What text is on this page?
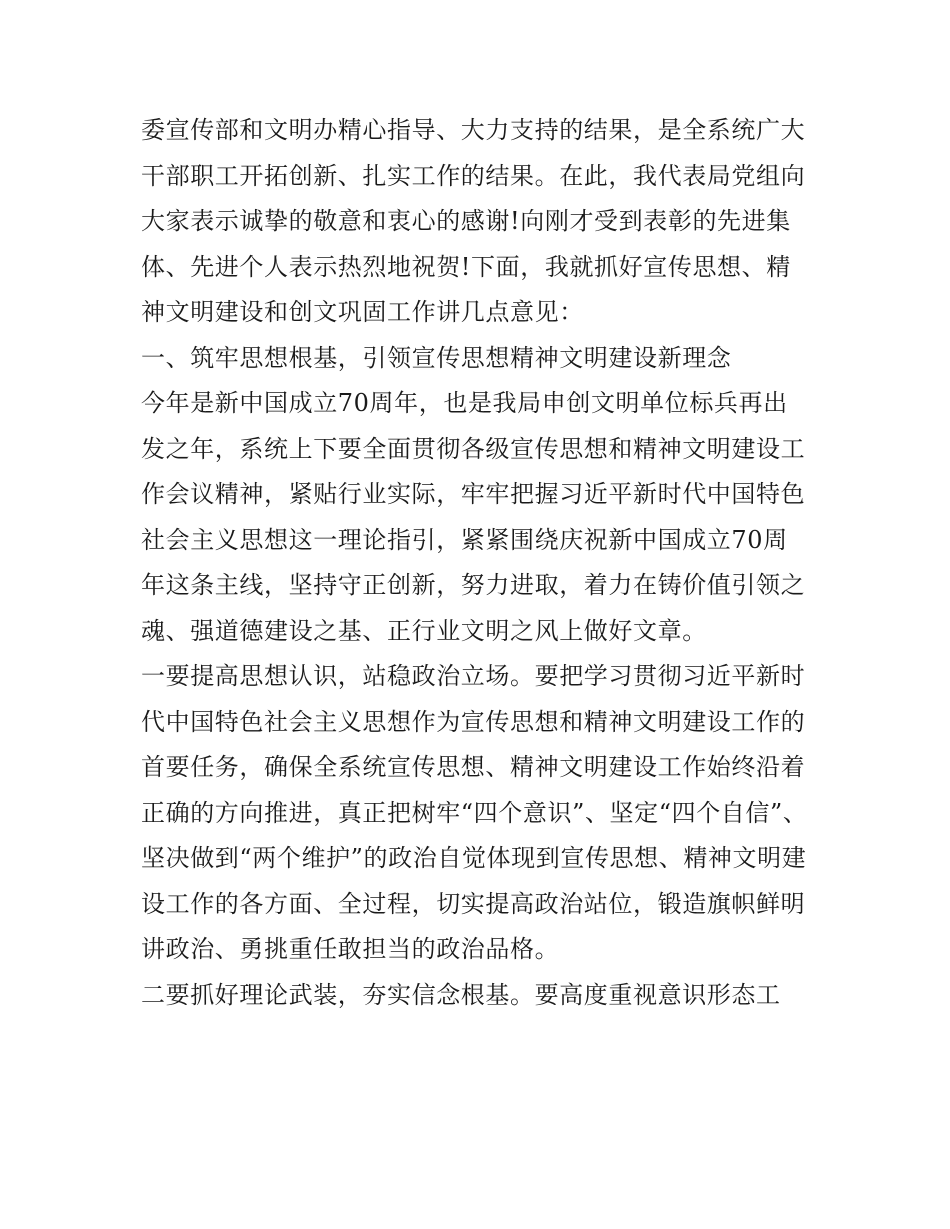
委宣传部和文明办精心指导、大力支持的结果，是全系统广大
干部职工开拓创新、扎实工作的结果。在此，我代表局党组向
大家表示诚挚的敬意和衷心的感谢!向刚才受到表彰的先进集
体、先进个人表示热烈地祝贺!下面，我就抓好宣传思想、精
神文明建设和创文巩固工作讲几点意见：
一、筑牢思想根基，引领宣传思想精神文明建设新理念
今年是新中国成立70周年，也是我局申创文明单位标兵再出
发之年，系统上下要全面贯彻各级宣传思想和精神文明建设工
作会议精神，紧贴行业实际，牢牢把握习近平新时代中国特色
社会主义思想这一理论指引，紧紧围绕庆祝新中国成立70周
年这条主线，坚持守正创新，努力进取，着力在铸价值引领之
魂、强道德建设之基、正行业文明之风上做好文章。
一要提高思想认识，站稳政治立场。要把学习贯彻习近平新时
代中国特色社会主义思想作为宣传思想和精神文明建设工作的
首要任务，确保全系统宣传思想、精神文明建设工作始终沿着
正确的方向推进，真正把树牢“四个意识”、坚定“四个自信”、
坚决做到“两个维护”的政治自觉体现到宣传思想、精神文明建
设工作的各方面、全过程，切实提高政治站位，锻造旗帜鲜明
讲政治、勇挑重任敢担当的政治品格。
二要抓好理论武装，夯实信念根基。要高度重视意识形态工
